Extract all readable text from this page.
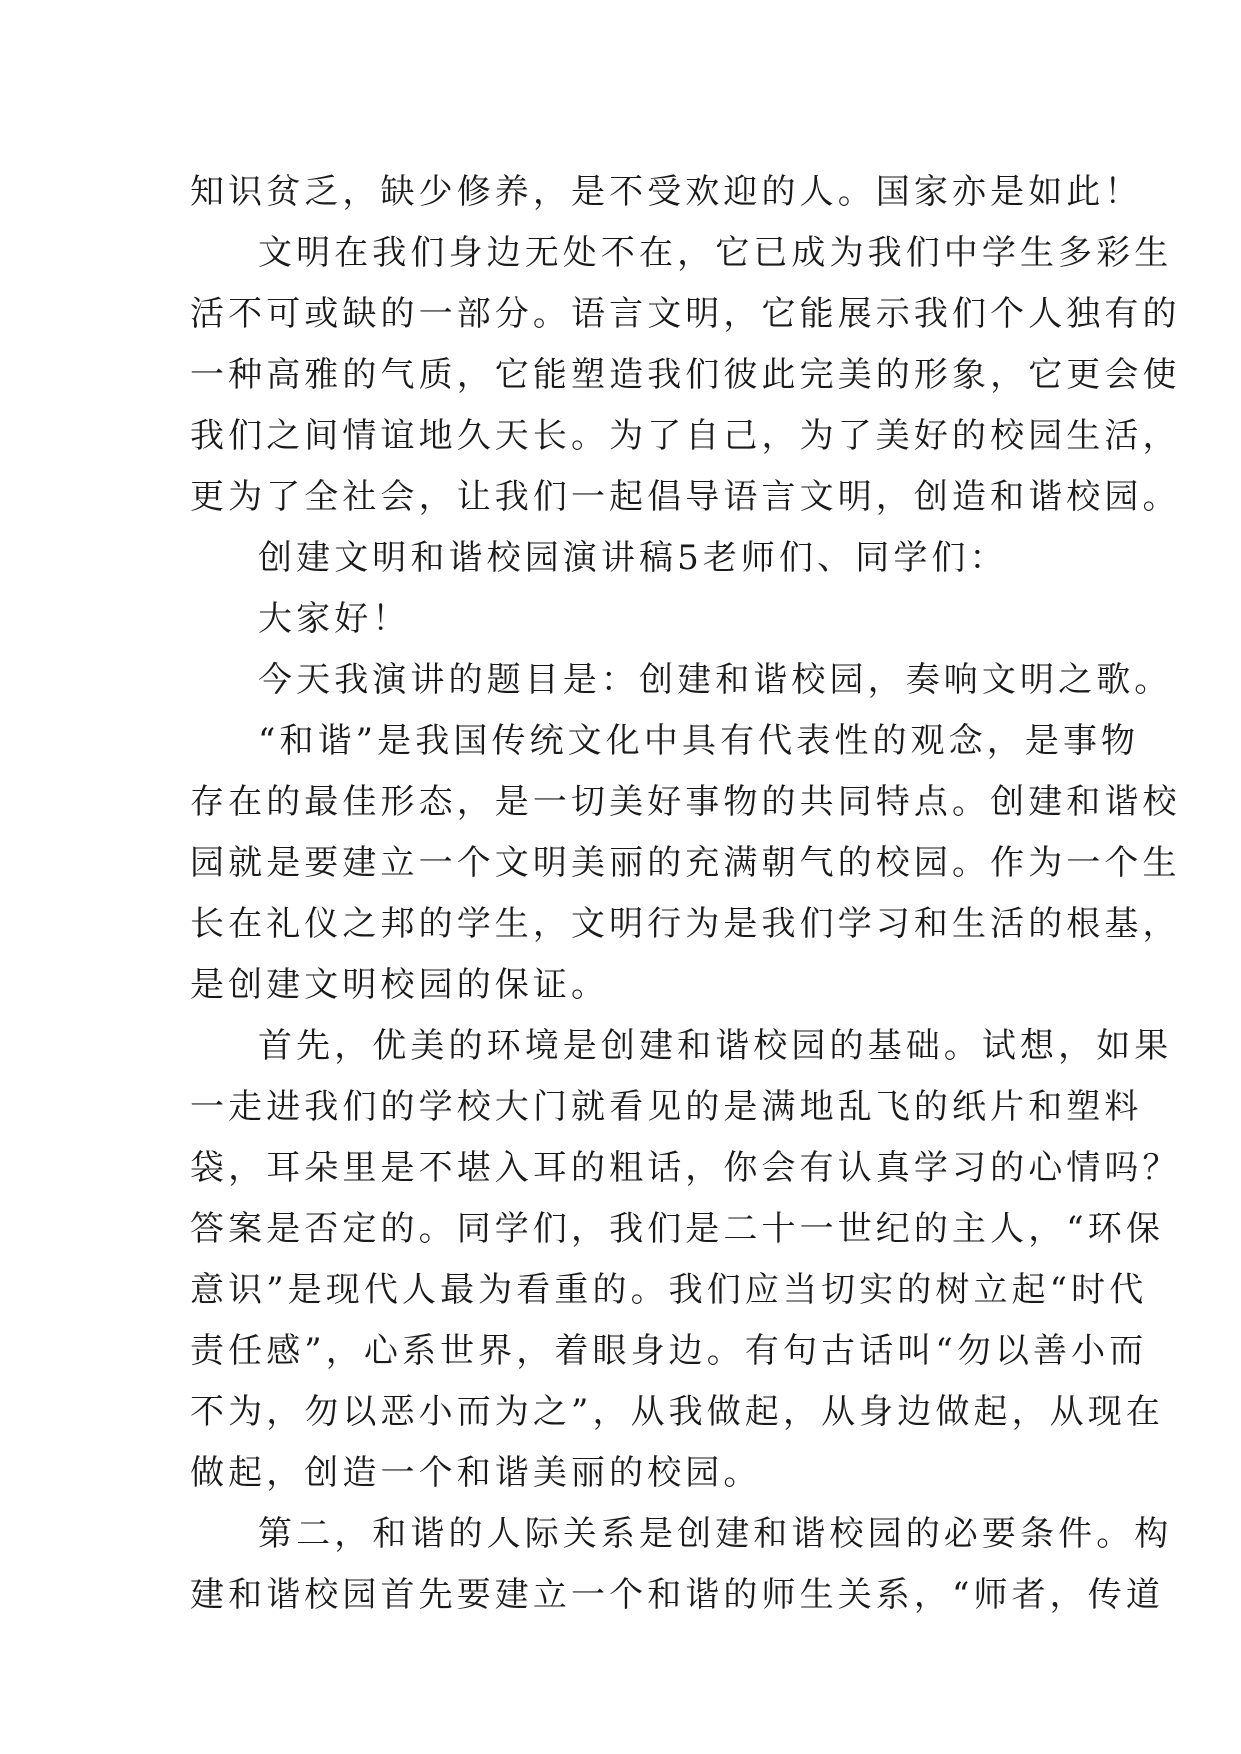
知识贫乏，缺少修养，是不受欢迎的人。国家亦是如此！
文明在我们身边无处不在，它已成为我们中学生多彩生
活不可或缺的一部分。语言文明，它能展示我们个人独有的
一种高雅的气质，它能塑造我们彼此完美的形象，它更会使
我们之间情谊地久天长。为了自己，为了美好的校园生活，
更为了全社会，让我们一起倡导语言文明，创造和谐校园。
创建文明和谐校园演讲稿5老师们、同学们：
大家好！
今天我演讲的题目是：创建和谐校园，奏响文明之歌。
“和谐”是我国传统文化中具有代表性的观念，是事物
存在的最佳形态，是一切美好事物的共同特点。创建和谐校
园就是要建立一个文明美丽的充满朝气的校园。作为一个生
长在礼仪之邦的学生，文明行为是我们学习和生活的根基，
是创建文明校园的保证。
首先，优美的环境是创建和谐校园的基础。试想，如果
一走进我们的学校大门就看见的是满地乱飞的纸片和塑料
袋，耳朵里是不堪入耳的粗话，你会有认真学习的心情吗？
答案是否定的。同学们，我们是二十一世纪的主人，“环保
意识”是现代人最为看重的。我们应当切实的树立起“时代
责任感”，心系世界，着眼身边。有句古话叫“勿以善小而
不为，勿以恶小而为之”，从我做起，从身边做起，从现在
做起，创造一个和谐美丽的校园。
第二，和谐的人际关系是创建和谐校园的必要条件。构
建和谐校园首先要建立一个和谐的师生关系，“师者，传道
